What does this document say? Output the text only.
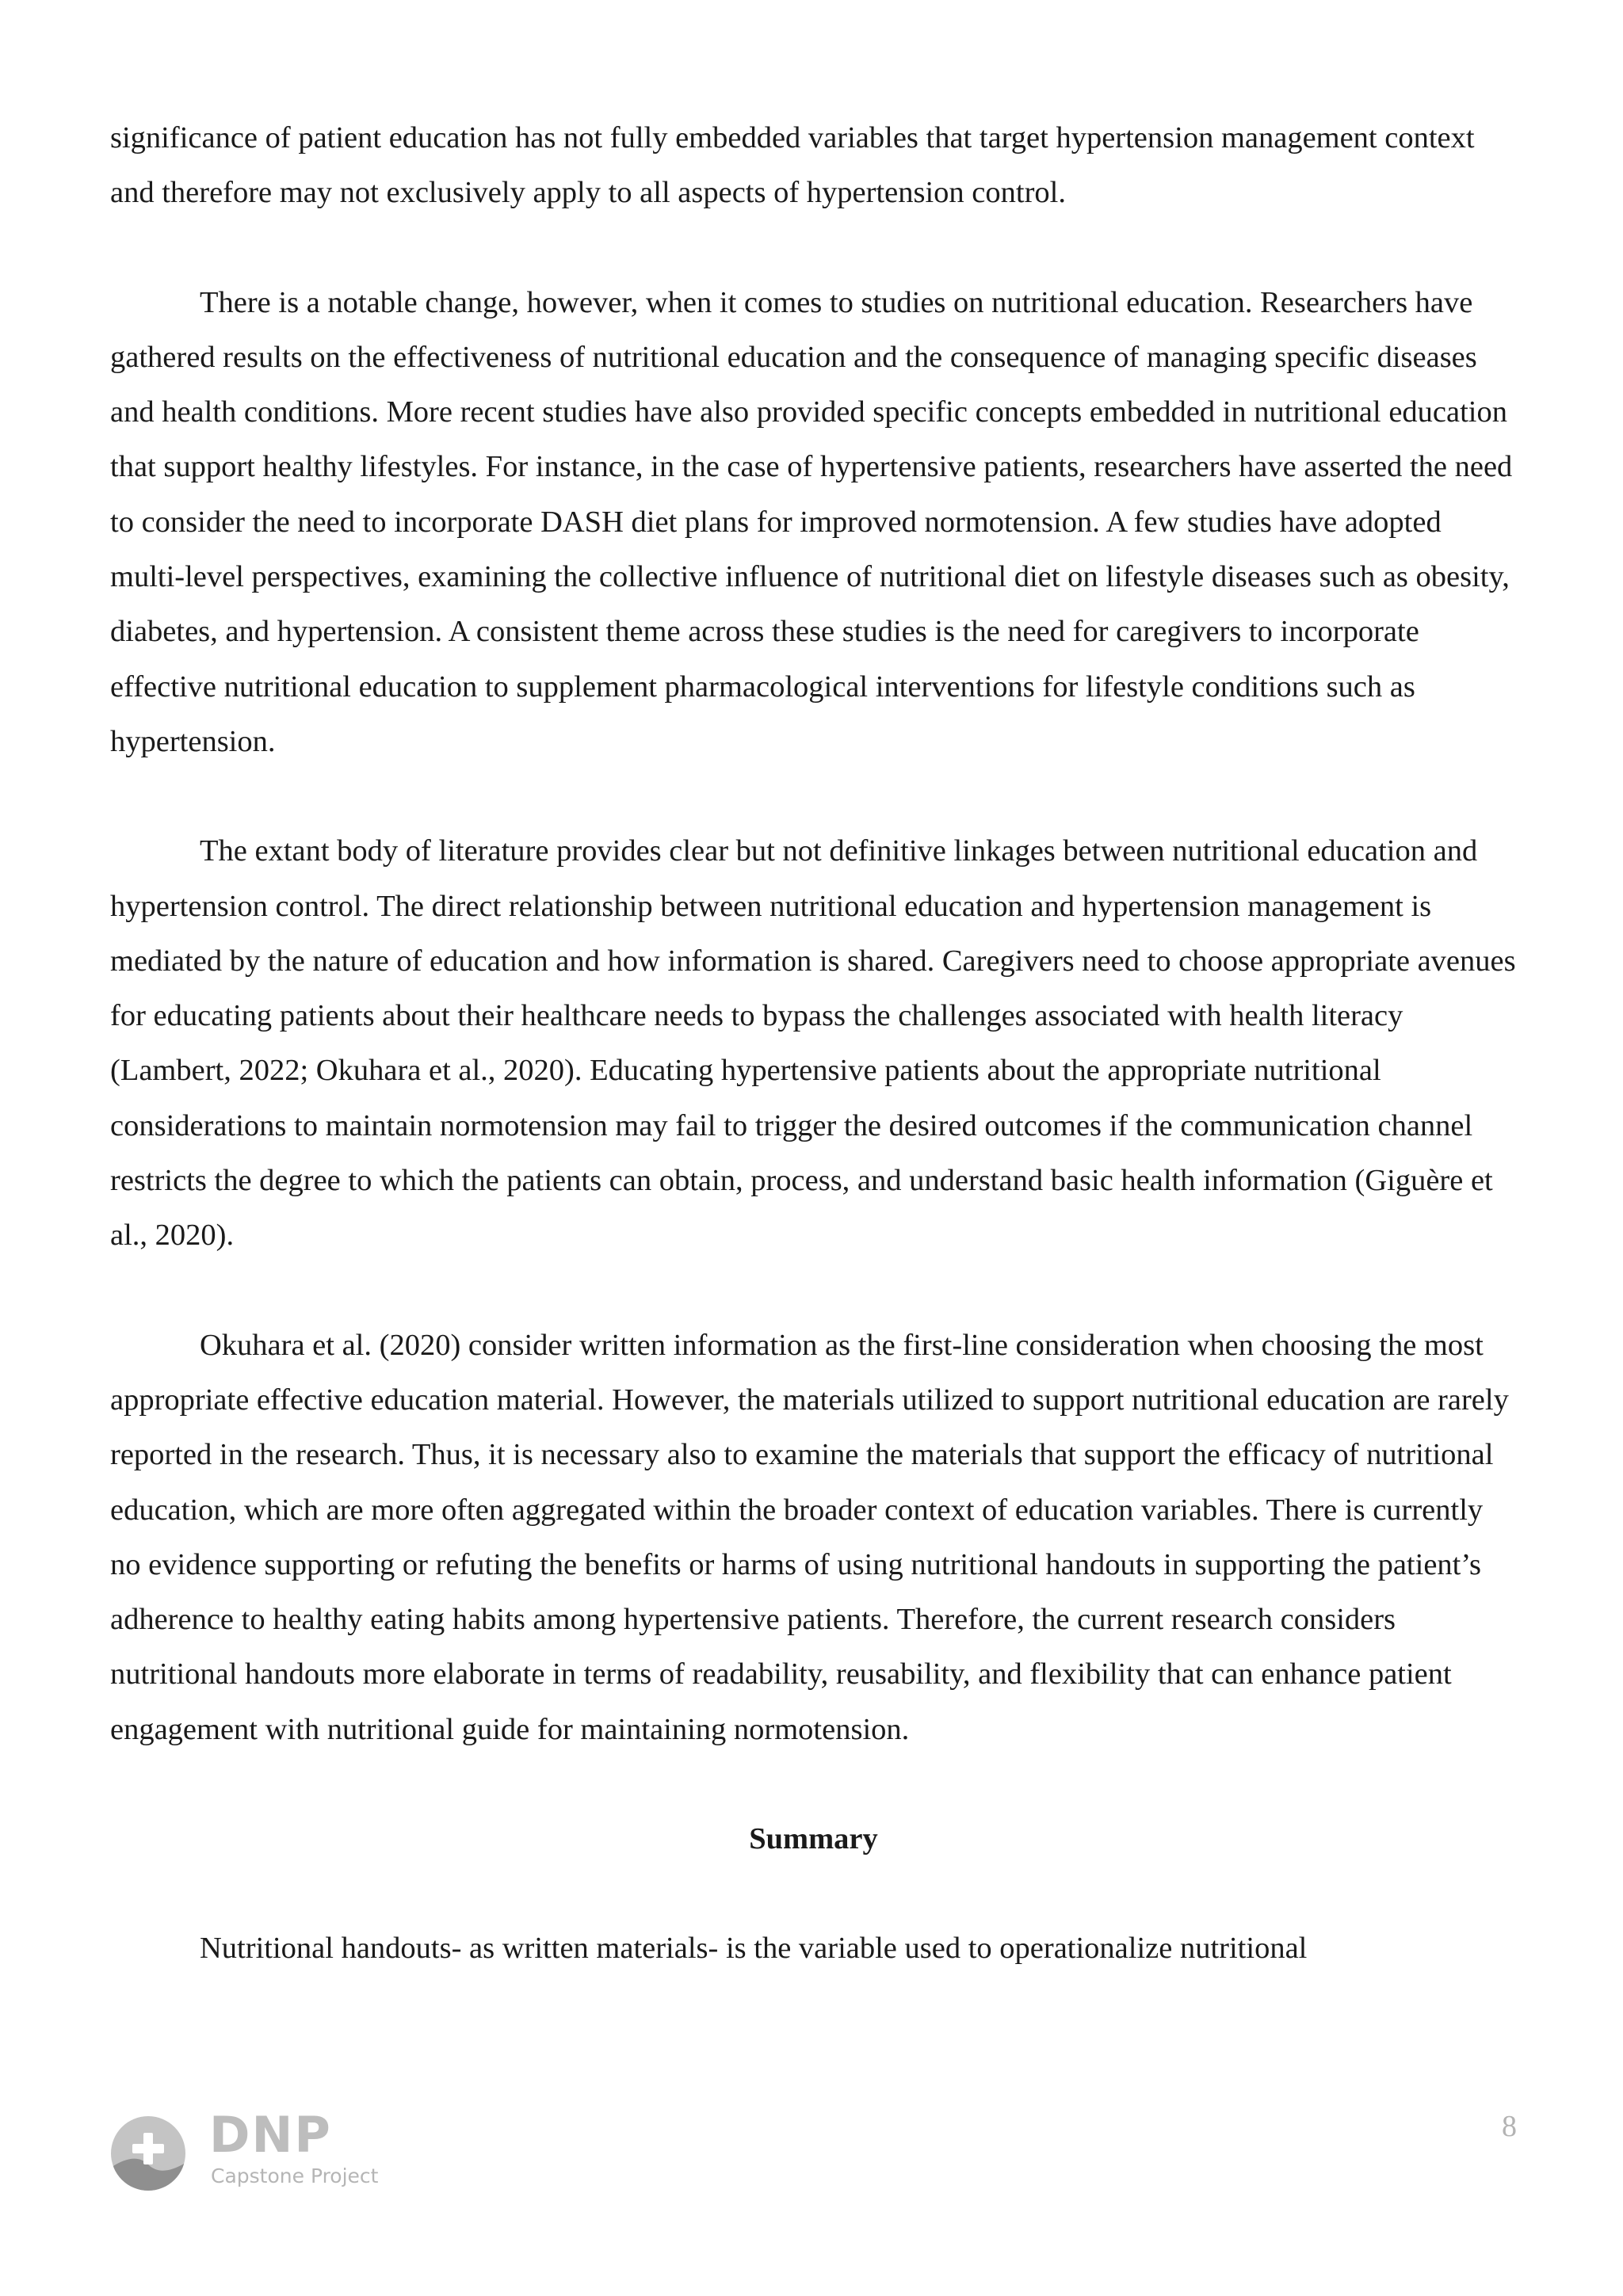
significance of patient education has not fully embedded variables that target hypertension management context and therefore may not exclusively apply to all aspects of hypertension control.

There is a notable change, however, when it comes to studies on nutritional education. Researchers have gathered results on the effectiveness of nutritional education and the consequence of managing specific diseases and health conditions. More recent studies have also provided specific concepts embedded in nutritional education that support healthy lifestyles. For instance, in the case of hypertensive patients, researchers have asserted the need to consider the need to incorporate DASH diet plans for improved normotension. A few studies have adopted multi-level perspectives, examining the collective influence of nutritional diet on lifestyle diseases such as obesity, diabetes, and hypertension. A consistent theme across these studies is the need for caregivers to incorporate effective nutritional education to supplement pharmacological interventions for lifestyle conditions such as hypertension.

The extant body of literature provides clear but not definitive linkages between nutritional education and hypertension control. The direct relationship between nutritional education and hypertension management is mediated by the nature of education and how information is shared. Caregivers need to choose appropriate avenues for educating patients about their healthcare needs to bypass the challenges associated with health literacy (Lambert, 2022; Okuhara et al., 2020). Educating hypertensive patients about the appropriate nutritional considerations to maintain normotension may fail to trigger the desired outcomes if the communication channel restricts the degree to which the patients can obtain, process, and understand basic health information (Giguère et al., 2020).

Okuhara et al. (2020) consider written information as the first-line consideration when choosing the most appropriate effective education material. However, the materials utilized to support nutritional education are rarely reported in the research. Thus, it is necessary also to examine the materials that support the efficacy of nutritional education, which are more often aggregated within the broader context of education variables. There is currently no evidence supporting or refuting the benefits or harms of using nutritional handouts in supporting the patient’s adherence to healthy eating habits among hypertensive patients. Therefore, the current research considers nutritional handouts more elaborate in terms of readability, reusability, and flexibility that can enhance patient engagement with nutritional guide for maintaining normotension.

Summary

Nutritional handouts- as written materials- is the variable used to operationalize nutritional

DNP
Capstone Project
8
